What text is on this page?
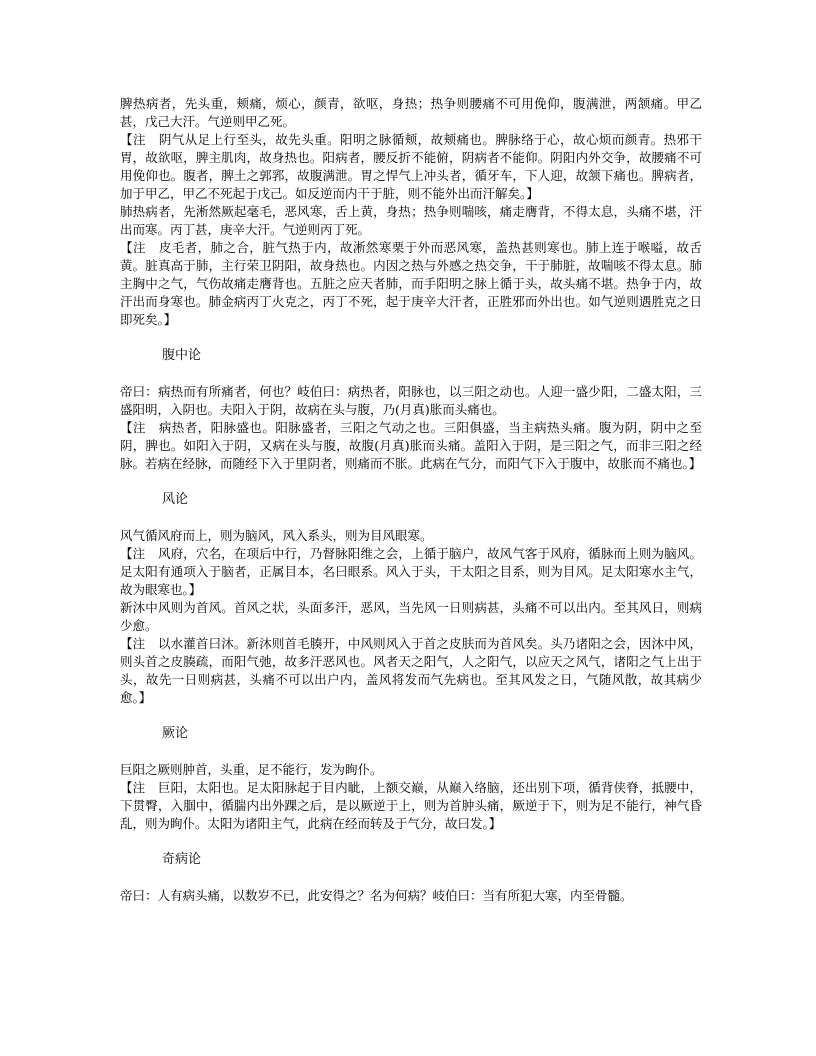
脾热病者，先头重，颊痛，烦心，颜青，欲呕，身热；热争则腰痛不可用俛仰，腹满泄，两颔痛。甲乙甚，戊己大汗。气逆则甲乙死。

【注　阴气从足上行至头，故先头重。阳明之脉循颊，故颊痛也。脾脉络于心，故心烦而颜青。热邪干胃，故欲呕，脾主肌肉，故身热也。阳病者，腰反折不能俯，阴病者不能仰。阴阳内外交争，故腰痛不可用俛仰也。腹者，脾土之郭郛，故腹满泄。胃之悍气上冲头者，循牙车，下人迎，故颔下痛也。脾病者，加于甲乙，甲乙不死起于戊己。如反逆而内干于脏，则不能外出而汗解矣。】

肺热病者，先淅然厥起毫毛，恶风寒，舌上黄，身热；热争则喘咳，痛走膺背，不得太息，头痛不堪，汗出而寒。丙丁甚，庚辛大汗。气逆则丙丁死。

【注　皮毛者，肺之合，脏气热于内，故淅然寒栗于外而恶风寒，盖热甚则寒也。肺上连于喉嗌，故舌黄。脏真高于肺，主行荣卫阴阳，故身热也。内因之热与外感之热交争，干于肺脏，故喘咳不得太息。肺主胸中之气，气伤故痛走膺背也。五脏之应天者肺，而手阳明之脉上循于头，故头痛不堪。热争于内，故汗出而身寒也。肺金病丙丁火克之，丙丁不死，起于庚辛大汗者，正胜邪而外出也。如气逆则遇胜克之日即死矣。】

腹中论

帝曰：病热而有所痛者，何也？岐伯曰：病热者，阳脉也，以三阳之动也。人迎一盛少阳，二盛太阳，三盛阳明，入阴也。夫阳入于阴，故病在头与腹，乃(月真)胀而头痛也。

【注　病热者，阳脉盛也。阳脉盛者，三阳之气动之也。三阳俱盛，当主病热头痛。腹为阴，阴中之至阴，脾也。如阳入于阴，又病在头与腹，故腹(月真)胀而头痛。盖阳入于阴，是三阳之气，而非三阳之经脉。若病在经脉，而随经下入于里阴者，则痛而不胀。此病在气分，而阳气下入于腹中，故胀而不痛也。】

风论

风气循风府而上，则为脑风，风入系头，则为目风眼寒。

【注　风府，穴名，在项后中行，乃督脉阳维之会，上循于脑户，故风气客于风府，循脉而上则为脑风。足太阳有通项入于脑者，正属目本，名曰眼系。风入于头，干太阳之目系，则为目风。足太阳寒水主气，故为眼寒也。】

新沐中风则为首风。首风之状，头面多汗，恶风，当先风一日则病甚，头痛不可以出内。至其风日，则病少愈。

【注　以水灌首曰沐。新沐则首毛腠开，中风则风入于首之皮肤而为首风矣。头乃诸阳之会，因沐中风，则头首之皮腠疏，而阳气弛，故多汗恶风也。风者天之阳气，人之阳气，以应天之风气，诸阳之气上出于头，故先一日则病甚，头痛不可以出户内，盖风将发而气先病也。至其风发之日，气随风散，故其病少愈。】

厥论

巨阳之厥则肿首，头重，足不能行，发为眴仆。

【注　巨阳，太阳也。足太阳脉起于目内眦，上额交巅，从巅入络脑，还出别下项，循背侠脊，抵腰中，下贯臀，入腘中，循腨内出外踝之后，是以厥逆于上，则为首肿头痛，厥逆于下，则为足不能行，神气昏乱，则为眴仆。太阳为诸阳主气，此病在经而转及于气分，故曰发。】

奇病论

帝曰：人有病头痛，以数岁不已，此安得之？名为何病？岐伯曰：当有所犯大寒，内至骨髓。
